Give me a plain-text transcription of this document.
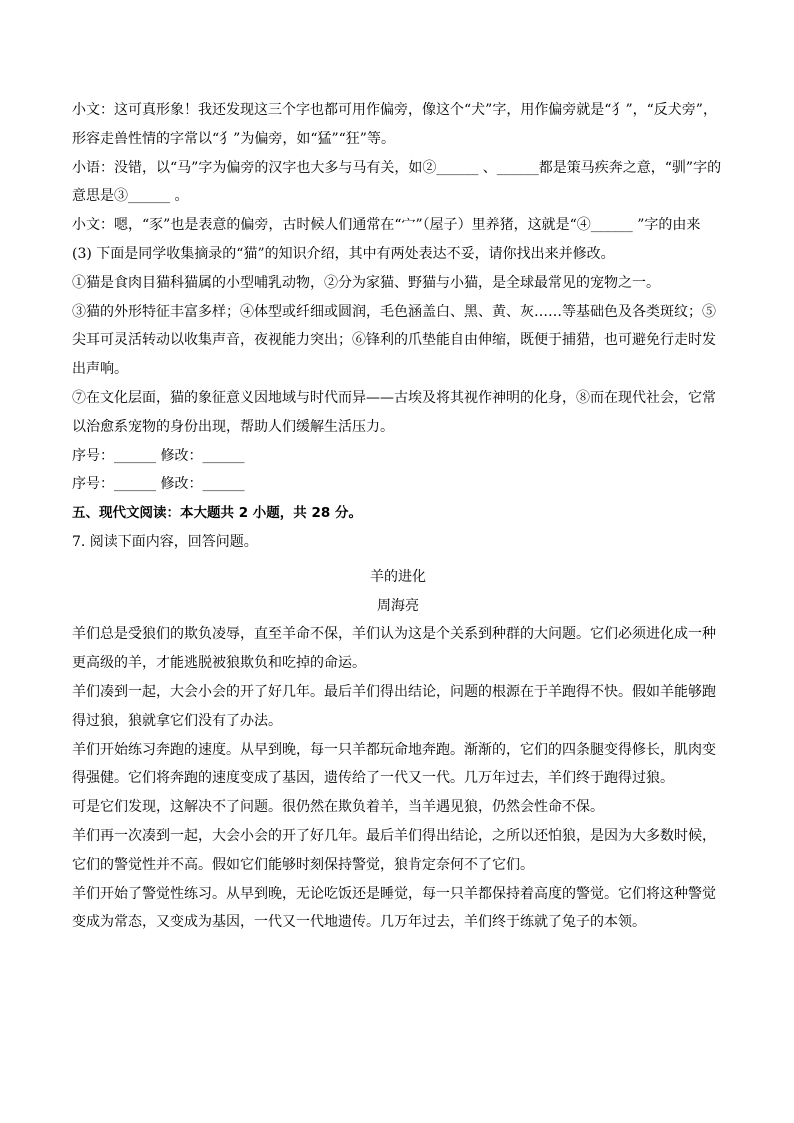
小文：这可真形象！我还发现这三个字也都可用作偏旁，像这个“犬”字，用作偏旁就是“犭”，“反犬旁”，形容走兽性情的字常以“犭”为偏旁，如“猛”“狂”等。

小语：没错，以“马”字为偏旁的汉字也大多与马有关，如②______ 、______都是策马疾奔之意，“驯”字的意思是③______ 。

小文：嗯，“豕”也是表意的偏旁，古时候人们通常在“宀”（屋子）里养猪，这就是“④______ ”字的由来

(3) 下面是同学收集摘录的“猫”的知识介绍，其中有两处表达不妥，请你找出来并修改。

①猫是食肉目猫科猫属的小型哺乳动物，②分为家猫、野猫与小猫，是全球最常见的宠物之一。

③猫的外形特征丰富多样；④体型或纤细或圆润，毛色涵盖白、黑、黄、灰……等基础色及各类斑纹；⑤尖耳可灵活转动以收集声音，夜视能力突出；⑥锋利的爪垫能自由伸缩，既便于捕猎，也可避免行走时发出声响。

⑦在文化层面，猫的象征意义因地域与时代而异——古埃及将其视作神明的化身，⑧而在现代社会，它常以治愈系宠物的身份出现，帮助人们缓解生活压力。

序号：______ 修改：______

序号：______ 修改：______

五、现代文阅读：本大题共 2 小题，共 28 分。

7. 阅读下面内容，回答问题。

羊的进化

周海亮

羊们总是受狼们的欺负凌辱，直至羊命不保，羊们认为这是个关系到种群的大问题。它们必须进化成一种更高级的羊，才能逃脱被狼欺负和吃掉的命运。

羊们凑到一起，大会小会的开了好几年。最后羊们得出结论，问题的根源在于羊跑得不快。假如羊能够跑得过狼，狼就拿它们没有了办法。

羊们开始练习奔跑的速度。从早到晚，每一只羊都玩命地奔跑。渐渐的，它们的四条腿变得修长，肌肉变得强健。它们将奔跑的速度变成了基因，遗传给了一代又一代。几万年过去，羊们终于跑得过狼。

可是它们发现，这解决不了问题。很仍然在欺负着羊，当羊遇见狼，仍然会性命不保。

羊们再一次凑到一起，大会小会的开了好几年。最后羊们得出结论，之所以还怕狼，是因为大多数时候，它们的警觉性并不高。假如它们能够时刻保持警觉，狼肯定奈何不了它们。

羊们开始了警觉性练习。从早到晚，无论吃饭还是睡觉，每一只羊都保持着高度的警觉。它们将这种警觉变成为常态，又变成为基因，一代又一代地遗传。几万年过去，羊们终于练就了兔子的本领。
